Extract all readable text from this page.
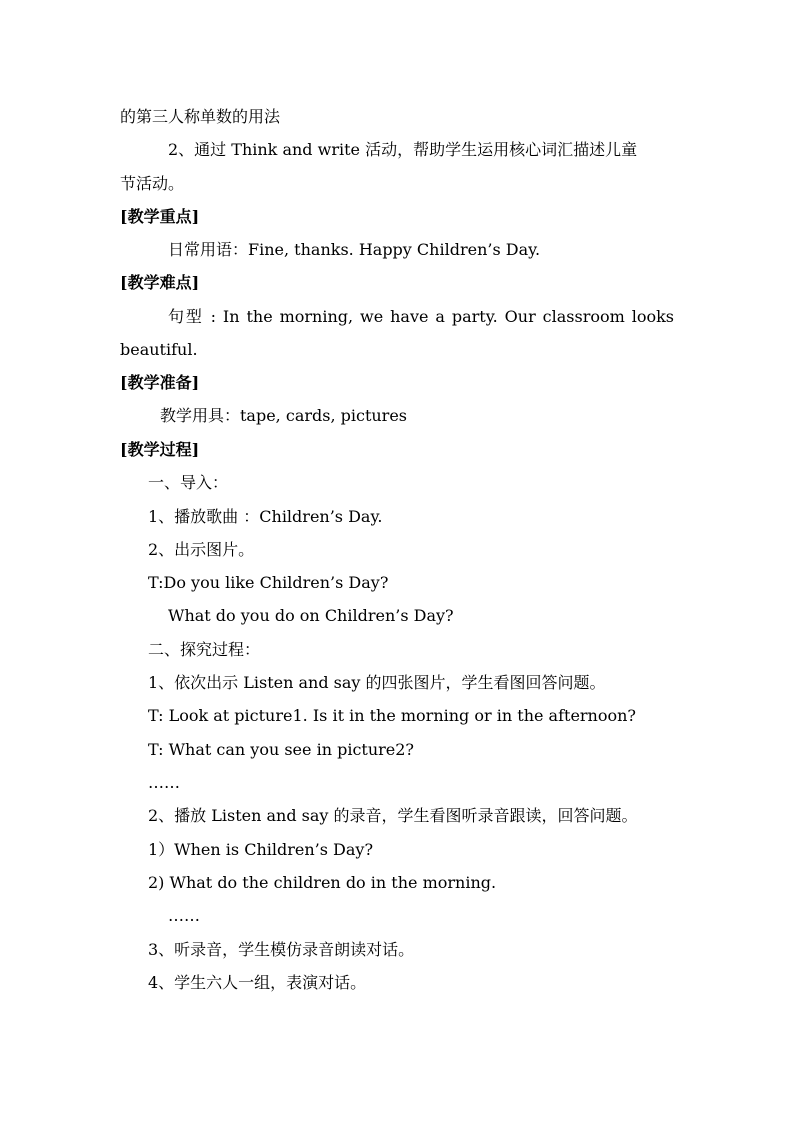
的第三人称单数的用法
2、通过 Think and write 活动，帮助学生运用核心词汇描述儿童
节活动。
[教学重点]
日常用语：Fine, thanks. Happy Children’s Day.
[教学难点]
句型 : In the morning, we have a party. Our classroom looks
beautiful.
[教学准备]
教学用具：tape, cards, pictures
[教学过程]
一、导入：
1、播放歌曲 ：Children’s Day.
2、出示图片。
T:Do you like Children’s Day?
What do you do on Children’s Day?
二、探究过程：
1、依次出示 Listen and say 的四张图片，学生看图回答问题。
T: Look at picture1. Is it in the morning or in the afternoon?
T: What can you see in picture2?
……
2、播放 Listen and say 的录音，学生看图听录音跟读，回答问题。
1）When is Children’s Day?
2) What do the children do in the morning.
……
3、听录音，学生模仿录音朗读对话。
4、学生六人一组，表演对话。
